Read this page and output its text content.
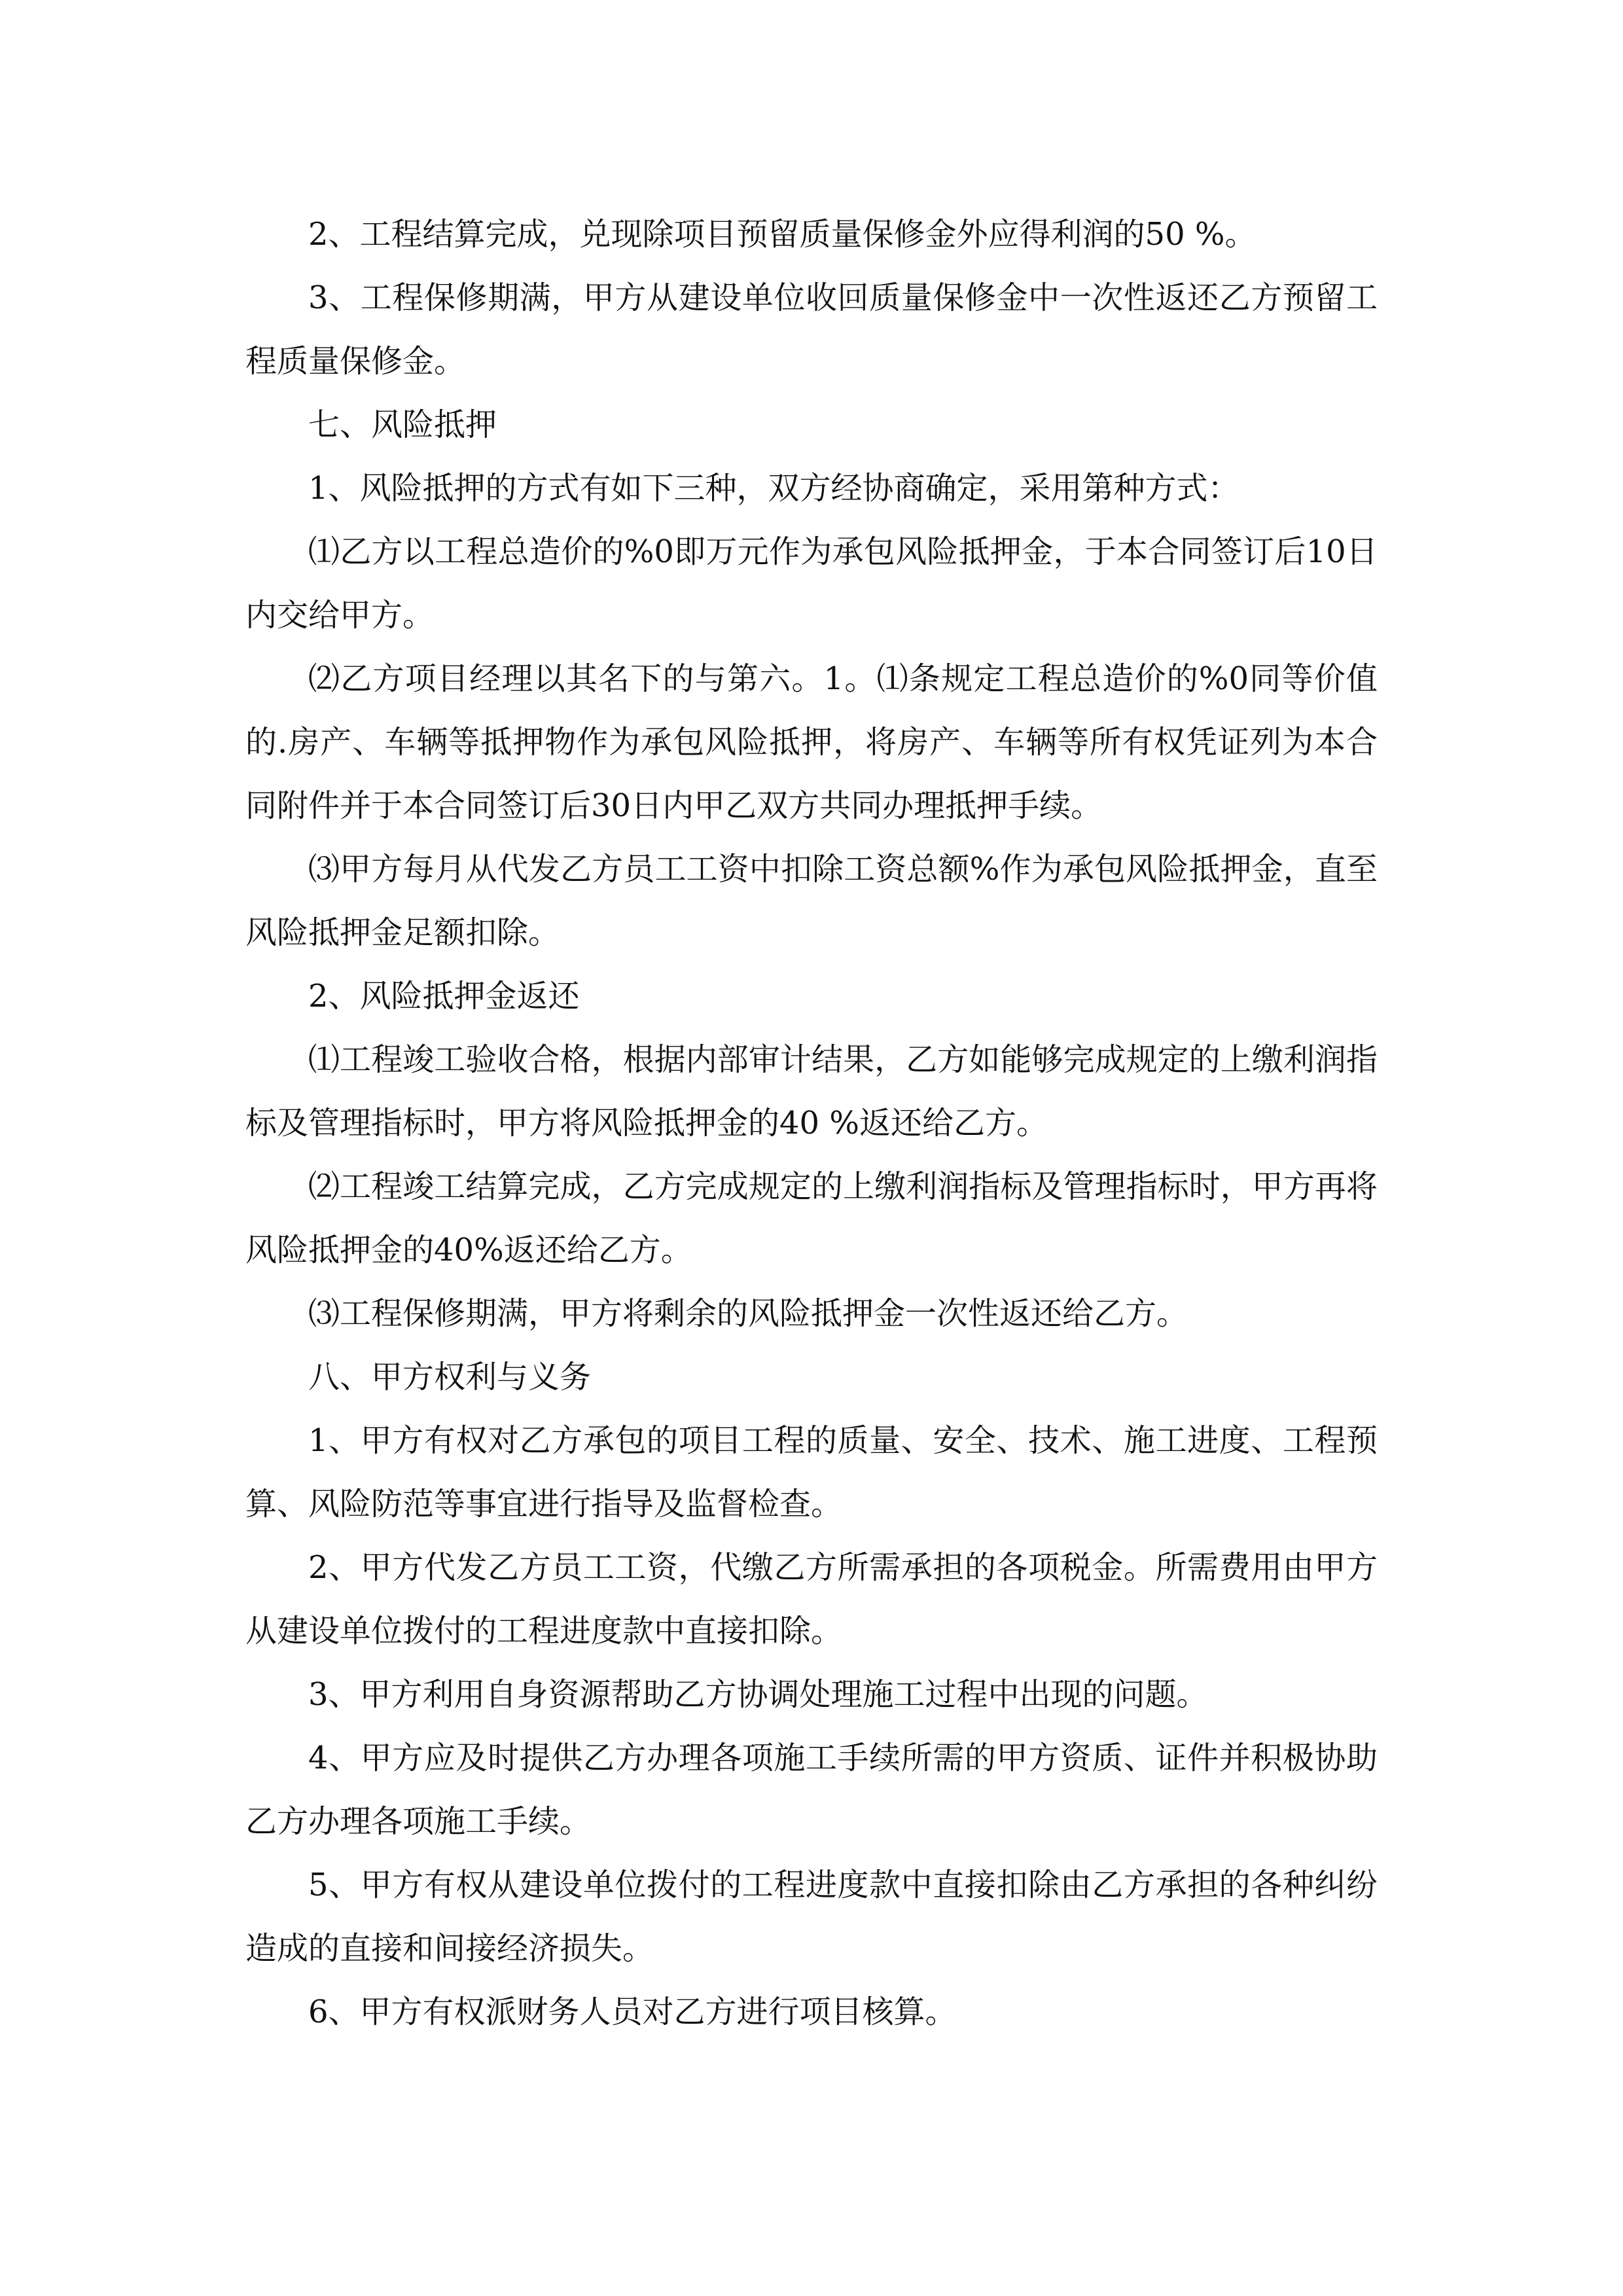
2、工程结算完成，兑现除项目预留质量保修金外应得利润的50 %。

3、工程保修期满，甲方从建设单位收回质量保修金中一次性返还乙方预留工程质量保修金。

七、风险抵押

1、风险抵押的方式有如下三种，双方经协商确定，采用第种方式：

⑴乙方以工程总造价的%0即万元作为承包风险抵押金，于本合同签订后10日内交给甲方。

⑵乙方项目经理以其名下的与第六。1。⑴条规定工程总造价的%0同等价值的.房产、车辆等抵押物作为承包风险抵押，将房产、车辆等所有权凭证列为本合同附件并于本合同签订后30日内甲乙双方共同办理抵押手续。

⑶甲方每月从代发乙方员工工资中扣除工资总额%作为承包风险抵押金，直至风险抵押金足额扣除。

2、风险抵押金返还

⑴工程竣工验收合格，根据内部审计结果，乙方如能够完成规定的上缴利润指标及管理指标时，甲方将风险抵押金的40 %返还给乙方。

⑵工程竣工结算完成，乙方完成规定的上缴利润指标及管理指标时，甲方再将风险抵押金的40%返还给乙方。

⑶工程保修期满，甲方将剩余的风险抵押金一次性返还给乙方。

八、甲方权利与义务

1、甲方有权对乙方承包的项目工程的质量、安全、技术、施工进度、工程预算、风险防范等事宜进行指导及监督检查。

2、甲方代发乙方员工工资，代缴乙方所需承担的各项税金。所需费用由甲方从建设单位拨付的工程进度款中直接扣除。

3、甲方利用自身资源帮助乙方协调处理施工过程中出现的问题。

4、甲方应及时提供乙方办理各项施工手续所需的甲方资质、证件并积极协助乙方办理各项施工手续。

5、甲方有权从建设单位拨付的工程进度款中直接扣除由乙方承担的各种纠纷造成的直接和间接经济损失。

6、甲方有权派财务人员对乙方进行项目核算。
